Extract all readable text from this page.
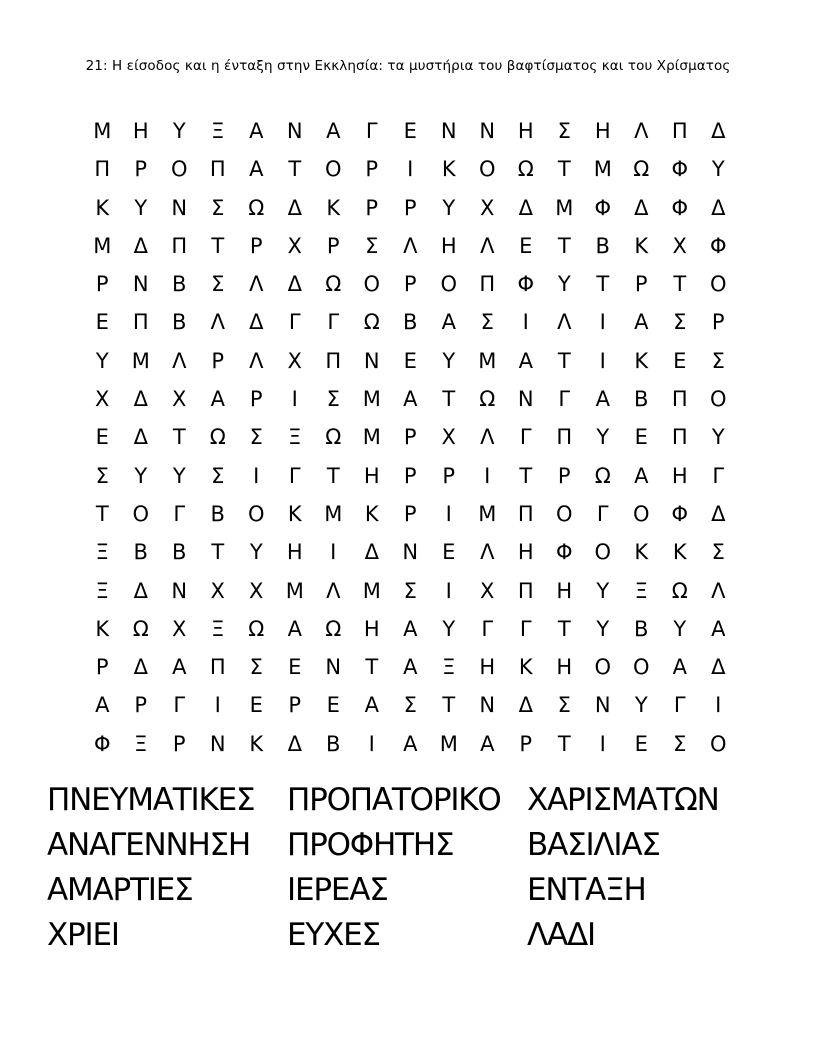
21: Η είσοδος και η ένταξη στην Εκκλησία: τα μυστήρια του βαφτίσματος και του Χρίσματος
Μ Η Υ Ξ Α Ν Α Γ Ε Ν Ν Η Σ Η Λ Π Δ
Π Ρ Ο Π Α Τ Ο Ρ Ι Κ Ο Ω Τ Μ Ω Φ Υ
Κ Υ Ν Σ Ω Δ Κ Ρ Ρ Υ Χ Δ Μ Φ Δ Φ Δ
Μ Δ Π Τ Ρ Χ Ρ Σ Λ Η Λ Ε Τ Β Κ Χ Φ
Ρ Ν Β Σ Λ Δ Ω Ο Ρ Ο Π Φ Υ Τ Ρ Τ Ο
Ε Π Β Λ Δ Γ Γ Ω Β Α Σ Ι Λ Ι Α Σ Ρ
Υ Μ Λ Ρ Λ Χ Π Ν Ε Υ Μ Α Τ Ι Κ Ε Σ
Χ Δ Χ Α Ρ Ι Σ Μ Α Τ Ω Ν Γ Α Β Π Ο
Ε Δ Τ Ω Σ Ξ Ω Μ Ρ Χ Λ Γ Π Υ Ε Π Υ
Σ Υ Υ Σ Ι Γ Τ Η Ρ Ρ Ι Τ Ρ Ω Α Η Γ
Τ Ο Γ Β Ο Κ Μ Κ Ρ Ι Μ Π Ο Γ Ο Φ Δ
Ξ Β Β Τ Υ Η Ι Δ Ν Ε Λ Η Φ Ο Κ Κ Σ
Ξ Δ Ν Χ Χ Μ Λ Μ Σ Ι Χ Π Η Υ Ξ Ω Λ
Κ Ω Χ Ξ Ω Α Ω Η Α Υ Γ Γ Τ Υ Β Υ Α
Ρ Δ Α Π Σ Ε Ν Τ Α Ξ Η Κ Η Ο Ο Α Δ
Α Ρ Γ Ι Ε Ρ Ε Α Σ Τ Ν Δ Σ Ν Υ Γ Ι
Φ Ξ Ρ Ν Κ Δ Β Ι Α Μ Α Ρ Τ Ι Ε Σ Ο
ΠΝΕΥΜΑΤΙΚΕΣ ΠΡΟΠΑΤΟΡΙΚΟ ΧΑΡΙΣΜΑΤΩΝ
ΑΝΑΓΕΝΝΗΣΗ ΠΡΟΦΗΤΗΣ ΒΑΣΙΛΙΑΣ
ΑΜΑΡΤΙΕΣ	ΙΕΡΕΑΣ	ΕΝΤΑΞΗ
ΧΡΙΕΙ	ΕΥΧΕΣ	ΛΑΔΙ
